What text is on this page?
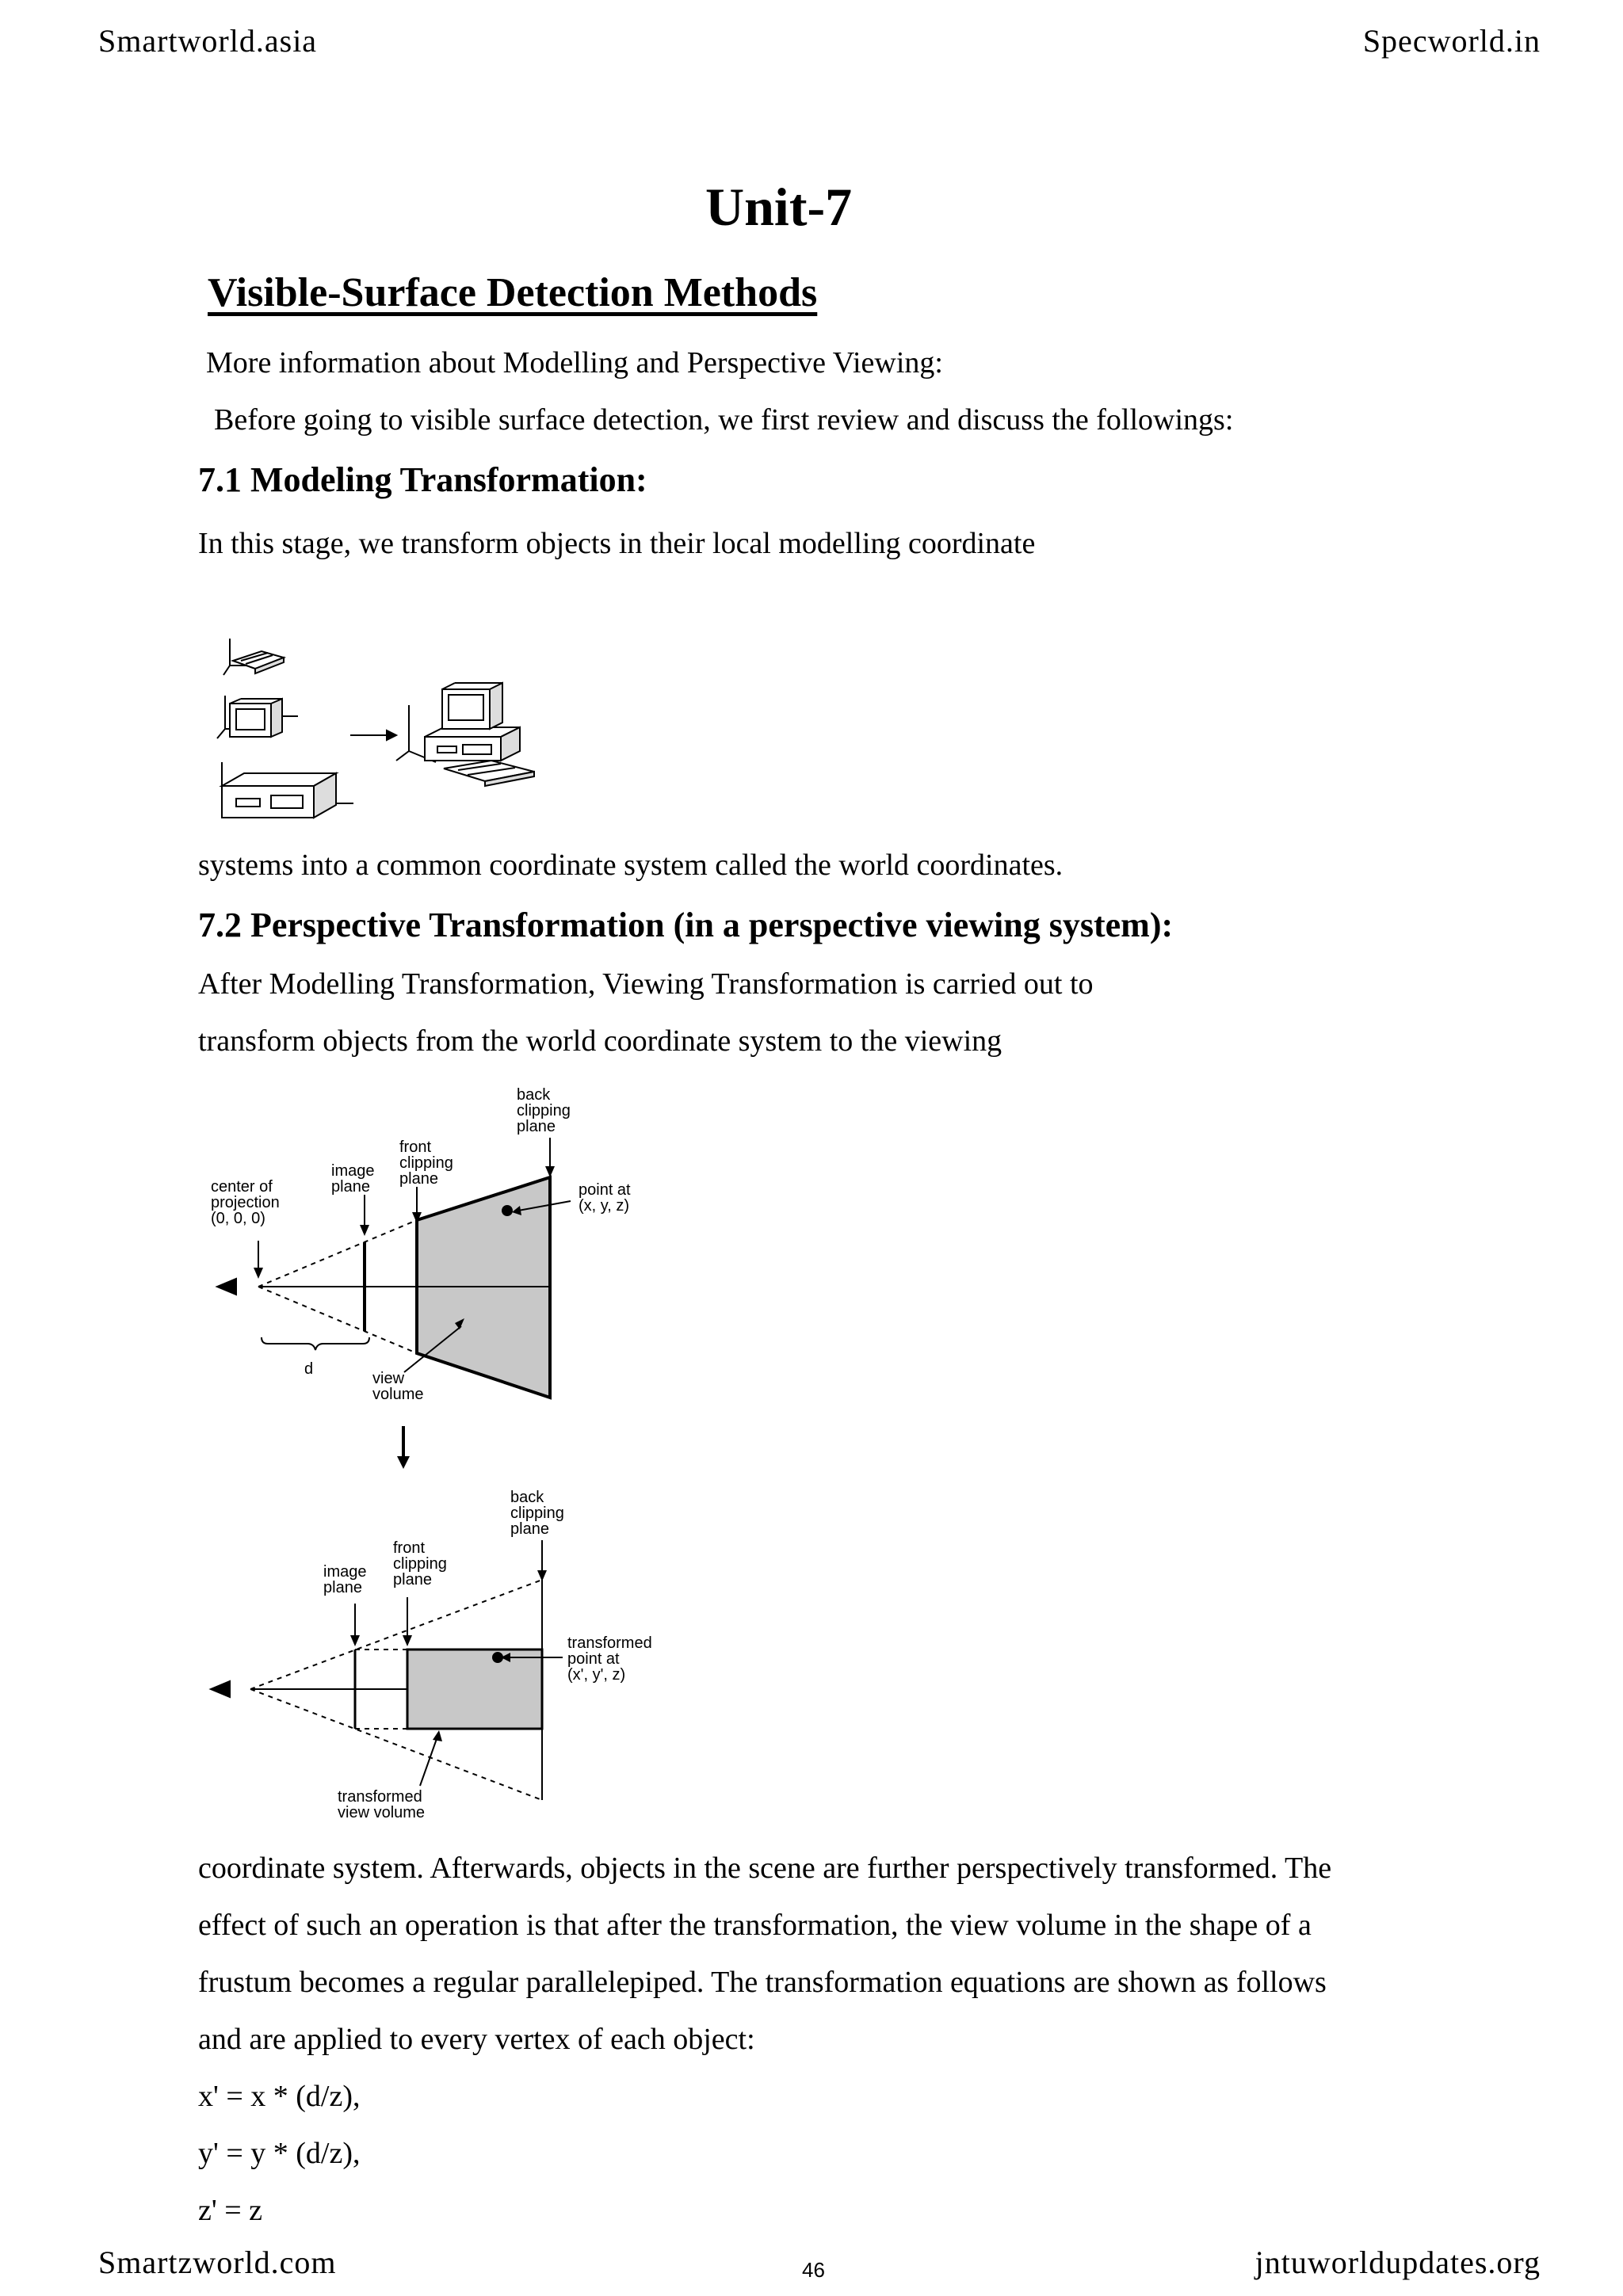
Smartworld.asia	Specworld.in
Unit-7
Visible-Surface Detection Methods
More information about Modelling and Perspective Viewing:
Before going to visible surface detection, we first review and discuss the followings:
7.1 Modeling Transformation:
In this stage, we transform objects in their local modelling coordinate
systems into a common coordinate system called the world coordinates.
7.2 Perspective Transformation (in a perspective viewing system):
After Modelling Transformation, Viewing Transformation is carried out to
transform objects from the world coordinate system to the viewing
back
clipping
plane
front
clipping
plane
image
plane
center of
projection
(0, 0, 0)
point at
(x, y, z)
d
view
volume
back
clipping
plane
front
clipping
plane
image
plane
transformed
point at
(x', y', z)
transformed
view volume
coordinate system. Afterwards, objects in the scene are further perspectively transformed. The
effect of such an operation is that after the transformation, the view volume in the shape of a
frustum becomes a regular parallelepiped. The transformation equations are shown as follows
and are applied to every vertex of each object:
x' = x * (d/z),
y' = y * (d/z),
z' = z
Smartzworld.com	46	jntuworldupdates.org
